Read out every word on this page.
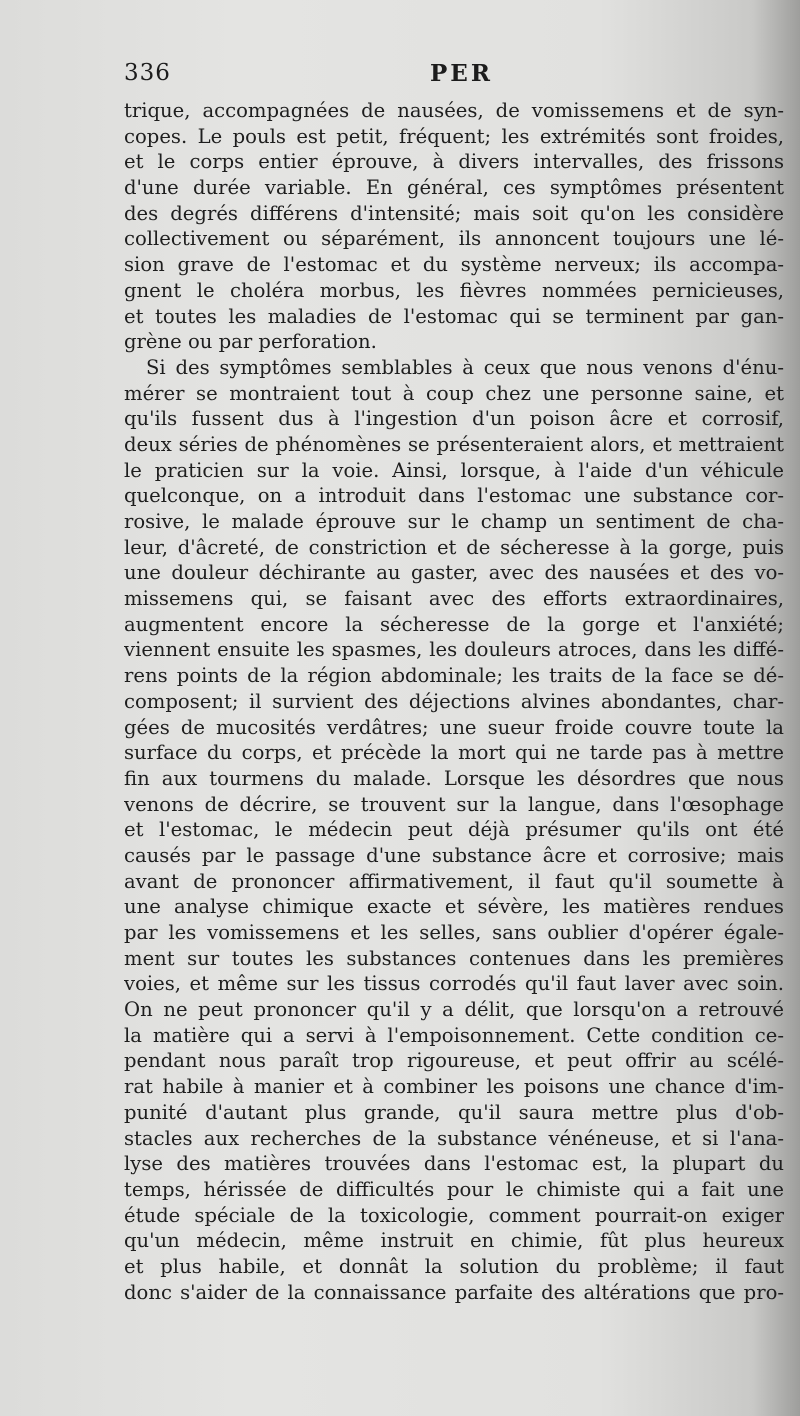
336	PER
trique, accompagnées de nausées, de vomissemens et de syn-
copes. Le pouls est petit, fréquent; les extrémités sont froides,
et le corps entier éprouve, à divers intervalles, des frissons
d'une durée variable. En général, ces symptômes présentent
des degrés différens d'intensité; mais soit qu'on les considère
collectivement ou séparément, ils annoncent toujours une lé-
sion grave de l'estomac et du système nerveux; ils accompa-
gnent le choléra morbus, les fièvres nommées pernicieuses,
et toutes les maladies de l'estomac qui se terminent par gan-
grène ou par perforation.
Si des symptômes semblables à ceux que nous venons d'énu-
mérer se montraient tout à coup chez une personne saine, et
qu'ils fussent dus à l'ingestion d'un poison âcre et corrosif,
deux séries de phénomènes se présenteraient alors, et mettraient
le praticien sur la voie. Ainsi, lorsque, à l'aide d'un véhicule
quelconque, on a introduit dans l'estomac une substance cor-
rosive, le malade éprouve sur le champ un sentiment de cha-
leur, d'âcreté, de constriction et de sécheresse à la gorge, puis
une douleur déchirante au gaster, avec des nausées et des vo-
missemens qui, se faisant avec des efforts extraordinaires,
augmentent encore la sécheresse de la gorge et l'anxiété;
viennent ensuite les spasmes, les douleurs atroces, dans les diffé-
rens points de la région abdominale; les traits de la face se dé-
composent; il survient des déjections alvines abondantes, char-
gées de mucosités verdâtres; une sueur froide couvre toute la
surface du corps, et précède la mort qui ne tarde pas à mettre
fin aux tourmens du malade. Lorsque les désordres que nous
venons de décrire, se trouvent sur la langue, dans l'œsophage
et l'estomac, le médecin peut déjà présumer qu'ils ont été
causés par le passage d'une substance âcre et corrosive; mais
avant de prononcer affirmativement, il faut qu'il soumette à
une analyse chimique exacte et sévère, les matières rendues
par les vomissemens et les selles, sans oublier d'opérer égale-
ment sur toutes les substances contenues dans les premières
voies, et même sur les tissus corrodés qu'il faut laver avec soin.
On ne peut prononcer qu'il y a délit, que lorsqu'on a retrouvé
la matière qui a servi à l'empoisonnement. Cette condition ce-
pendant nous paraît trop rigoureuse, et peut offrir au scélé-
rat habile à manier et à combiner les poisons une chance d'im-
punité d'autant plus grande, qu'il saura mettre plus d'ob-
stacles aux recherches de la substance vénéneuse, et si l'ana-
lyse des matières trouvées dans l'estomac est, la plupart du
temps, hérissée de difficultés pour le chimiste qui a fait une
étude spéciale de la toxicologie, comment pourrait-on exiger
qu'un médecin, même instruit en chimie, fût plus heureux
et plus habile, et donnât la solution du problème; il faut
donc s'aider de la connaissance parfaite des altérations que pro-
